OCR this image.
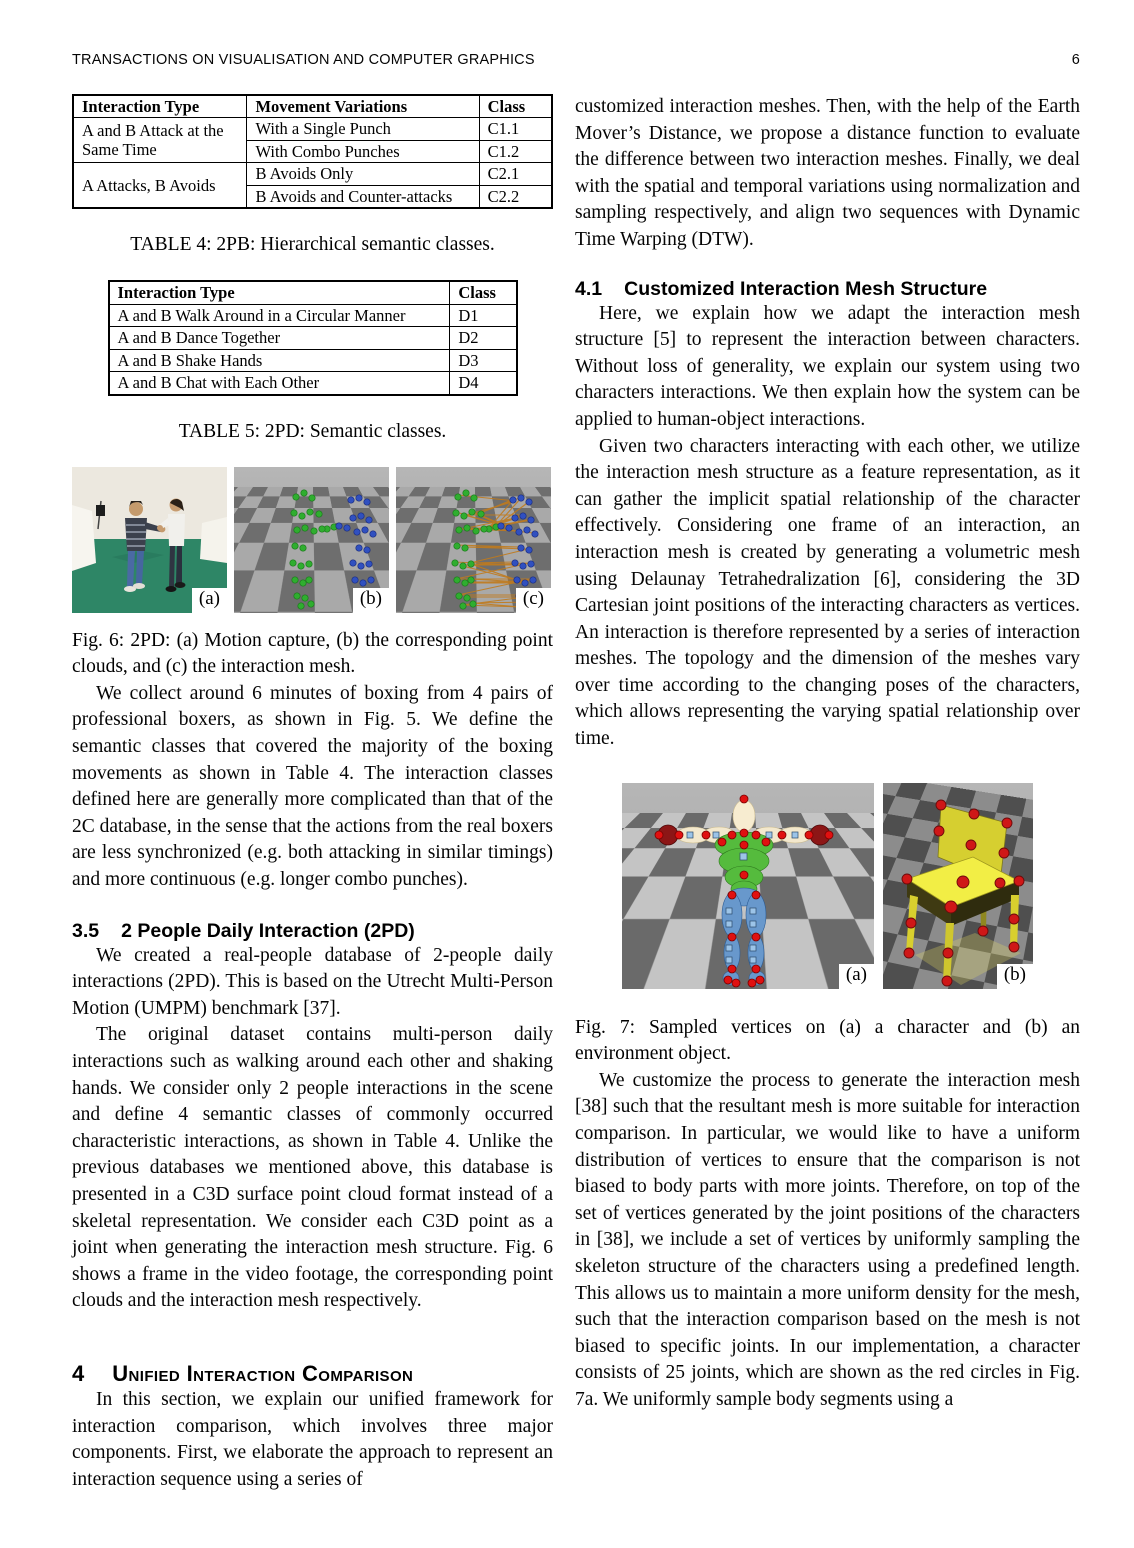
TRANSACTIONS ON VISUALISATION AND COMPUTER GRAPHICS	6
Interaction Type	Movement Variations	Class
A and B Attack at the Same Time	With a Single Punch	C1.1
	With Combo Punches	C1.2
A Attacks, B Avoids	B Avoids Only	C2.1
	B Avoids and Counter-attacks	C2.2
TABLE 4: 2PB: Hierarchical semantic classes.
Interaction Type	Class
A and B Walk Around in a Circular Manner	D1
A and B Dance Together	D2
A and B Shake Hands	D3
A and B Chat with Each Other	D4
TABLE 5: 2PD: Semantic classes.
(a)	(b)	(c)
Fig. 6: 2PD: (a) Motion capture, (b) the corresponding point clouds, and (c) the interaction mesh.

We collect around 6 minutes of boxing from 4 pairs of professional boxers, as shown in Fig. 5. We define the semantic classes that covered the majority of the boxing movements as shown in Table 4. The interaction classes defined here are generally more complicated than that of the 2C database, in the sense that the actions from the real boxers are less synchronized (e.g. both attacking in similar timings) and more continuous (e.g. longer combo punches).

3.5 2 People Daily Interaction (2PD)

We created a real-people database of 2-people daily interactions (2PD). This is based on the Utrecht Multi-Person Motion (UMPM) benchmark [37].

The original dataset contains multi-person daily interactions such as walking around each other and shaking hands. We consider only 2 people interactions in the scene and define 4 semantic classes of commonly occurred characteristic interactions, as shown in Table 4. Unlike the previous databases we mentioned above, this database is presented in a C3D surface point cloud format instead of a skeletal representation. We consider each C3D point as a joint when generating the interaction mesh structure. Fig. 6 shows a frame in the video footage, the corresponding point clouds and the interaction mesh respectively.

4 Unified Interaction Comparison

In this section, we explain our unified framework for interaction comparison, which involves three major components. First, we elaborate the approach to represent an interaction sequence using a series of

customized interaction meshes. Then, with the help of the Earth Mover’s Distance, we propose a distance function to evaluate the difference between two interaction meshes. Finally, we deal with the spatial and temporal variations using normalization and sampling respectively, and align two sequences with Dynamic Time Warping (DTW).

4.1 Customized Interaction Mesh Structure

Here, we explain how we adapt the interaction mesh structure [5] to represent the interaction between characters. Without loss of generality, we explain our system using two characters interactions. We then explain how the system can be applied to human-object interactions.

Given two characters interacting with each other, we utilize the interaction mesh structure as a feature representation, as it can gather the implicit spatial relationship of the character effectively. Considering one frame of an interaction, an interaction mesh is created by generating a volumetric mesh using Delaunay Tetrahedralization [6], considering the 3D Cartesian joint positions of the interacting characters as vertices. An interaction is therefore represented by a series of interaction meshes. The topology and the dimension of the meshes vary over time according to the changing poses of the characters, which allows representing the varying spatial relationship over time.

(a)	(b)
Fig. 7: Sampled vertices on (a) a character and (b) an environment object.

We customize the process to generate the interaction mesh [38] such that the resultant mesh is more suitable for interaction comparison. In particular, we would like to have a uniform distribution of vertices to ensure that the comparison is not biased to body parts with more joints. Therefore, on top of the set of vertices generated by the joint positions of the characters in [38], we include a set of vertices by uniformly sampling the skeleton structure of the characters using a predefined length. This allows us to maintain a more uniform density for the mesh, such that the interaction comparison based on the mesh is not biased to specific joints. In our implementation, a character consists of 25 joints, which are shown as the red circles in Fig. 7a. We uniformly sample body segments using a
